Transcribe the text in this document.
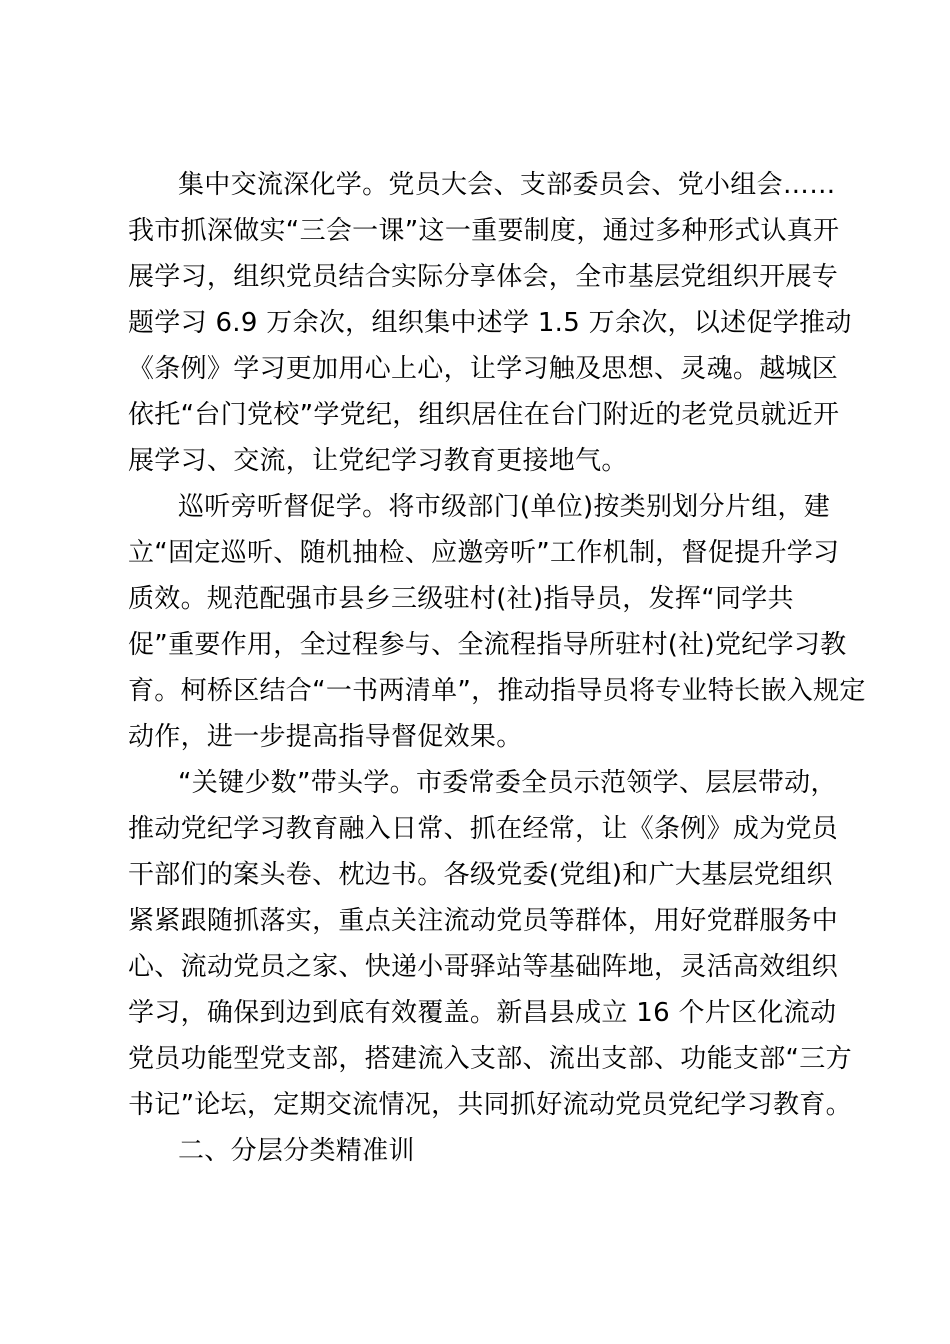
集中交流深化学。党员大会、支部委员会、党小组会……
我市抓深做实“三会一课”这一重要制度，通过多种形式认真开
展学习，组织党员结合实际分享体会，全市基层党组织开展专
题学习 6.9 万余次，组织集中述学 1.5 万余次，以述促学推动
《条例》学习更加用心上心，让学习触及思想、灵魂。越城区
依托“台门党校”学党纪，组织居住在台门附近的老党员就近开
展学习、交流，让党纪学习教育更接地气。
巡听旁听督促学。将市级部门(单位)按类别划分片组，建
立“固定巡听、随机抽检、应邀旁听”工作机制，督促提升学习
质效。规范配强市县乡三级驻村(社)指导员，发挥“同学共
促”重要作用，全过程参与、全流程指导所驻村(社)党纪学习教
育。柯桥区结合“一书两清单”，推动指导员将专业特长嵌入规定
动作，进一步提高指导督促效果。
“关键少数”带头学。市委常委全员示范领学、层层带动，
推动党纪学习教育融入日常、抓在经常，让《条例》成为党员
干部们的案头卷、枕边书。各级党委(党组)和广大基层党组织
紧紧跟随抓落实，重点关注流动党员等群体，用好党群服务中
心、流动党员之家、快递小哥驿站等基础阵地，灵活高效组织
学习，确保到边到底有效覆盖。新昌县成立 16 个片区化流动
党员功能型党支部，搭建流入支部、流出支部、功能支部“三方
书记”论坛，定期交流情况，共同抓好流动党员党纪学习教育。
二、分层分类精准训
